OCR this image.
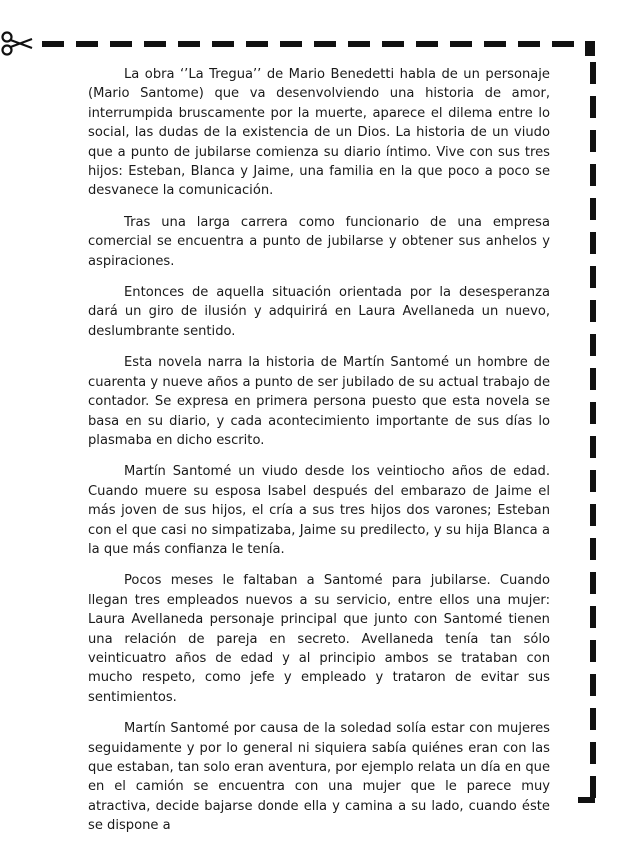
La obra ‘’La Tregua’’ de Mario Benedetti habla de un personaje (Mario Santome) que va desenvolviendo una historia de amor, interrumpida bruscamente por la muerte, aparece el dilema entre lo social, las dudas de la existencia de un Dios. La historia de un viudo que a punto de jubilarse comienza su diario íntimo. Vive con sus tres hijos: Esteban, Blanca y Jaime, una familia en la que poco a poco se desvanece la comunicación.

Tras una larga carrera como funcionario de una empresa comercial se encuentra a punto de jubilarse y obtener sus anhelos y aspiraciones.

Entonces de aquella situación orientada por la desesperanza dará un giro de ilusión y adquirirá en Laura Avellaneda un nuevo, deslumbrante sentido.

Esta novela narra la historia de Martín Santomé un hombre de cuarenta y nueve años a punto de ser jubilado de su actual trabajo de contador. Se expresa en primera persona puesto que esta novela se basa en su diario, y cada acontecimiento importante de sus días lo plasmaba en dicho escrito.

Martín Santomé un viudo desde los veintiocho años de edad. Cuando muere su esposa Isabel después del embarazo de Jaime el más joven de sus hijos, el cría a sus tres hijos dos varones; Esteban con el que casi no simpatizaba, Jaime su predilecto, y su hija Blanca a la que más confianza le tenía.

Pocos meses le faltaban a Santomé para jubilarse. Cuando llegan tres empleados nuevos a su servicio, entre ellos una mujer: Laura Avellaneda personaje principal que junto con Santomé tienen una relación de pareja en secreto. Avellaneda tenía tan sólo veinticuatro años de edad y al principio ambos se trataban con mucho respeto, como jefe y empleado y trataron de evitar sus sentimientos.

Martín Santomé por causa de la soledad solía estar con mujeres seguidamente y por lo general ni siquiera sabía quiénes eran con las que estaban, tan solo eran aventura, por ejemplo relata un día en que en el camión se encuentra con una mujer que le parece muy atractiva, decide bajarse donde ella y camina a su lado, cuando éste se dispone a
